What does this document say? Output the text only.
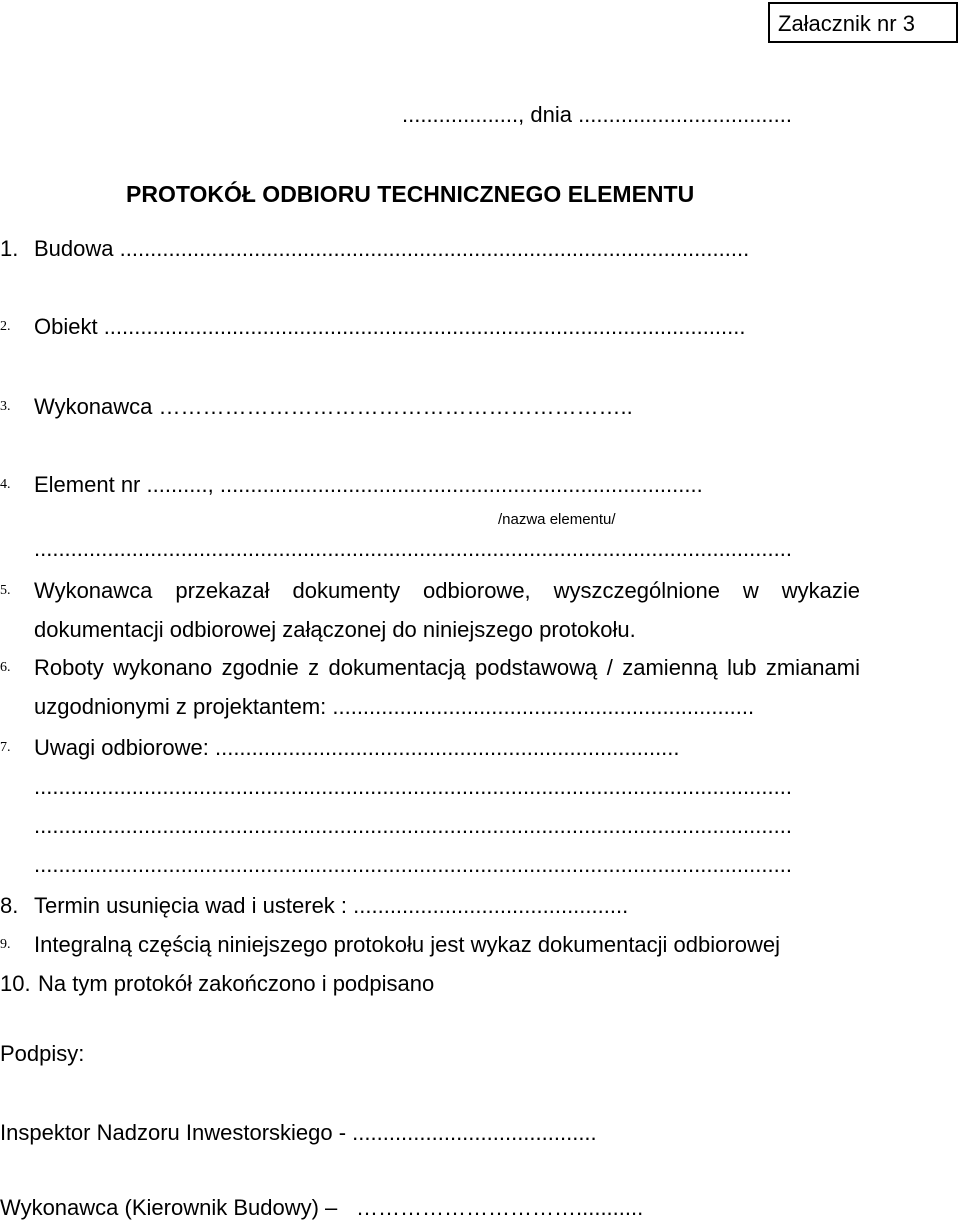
Załacznik nr 3
..................., dnia ...................................
PROTOKÓŁ ODBIORU TECHNICZNEGO ELEMENTU
1. Budowa .......................................................................................................
2. Obiekt .........................................................................................................
3. Wykonawca ………………………………………………………..
4. Element nr .........., ...............................................................................
/nazwa elementu/
............................................................................................................................
5. Wykonawca przekazał dokumenty odbiorowe, wyszczególnione w wykazie
dokumentacji odbiorowej załączonej do niniejszego protokołu.
6. Roboty wykonano zgodnie z dokumentacją podstawową / zamienną lub zmianami
uzgodnionymi z projektantem: .....................................................................
7. Uwagi odbiorowe: ............................................................................
............................................................................................................................
............................................................................................................................
............................................................................................................................
8. Termin usunięcia wad i usterek : .............................................
9. Integralną częścią niniejszego protokołu jest wykaz dokumentacji odbiorowej
10. Na tym protokół zakończono i podpisano
Podpisy:
Inspektor Nadzoru Inwestorskiego - ........................................
Wykonawca (Kierownik Budowy) – …………………………...........
